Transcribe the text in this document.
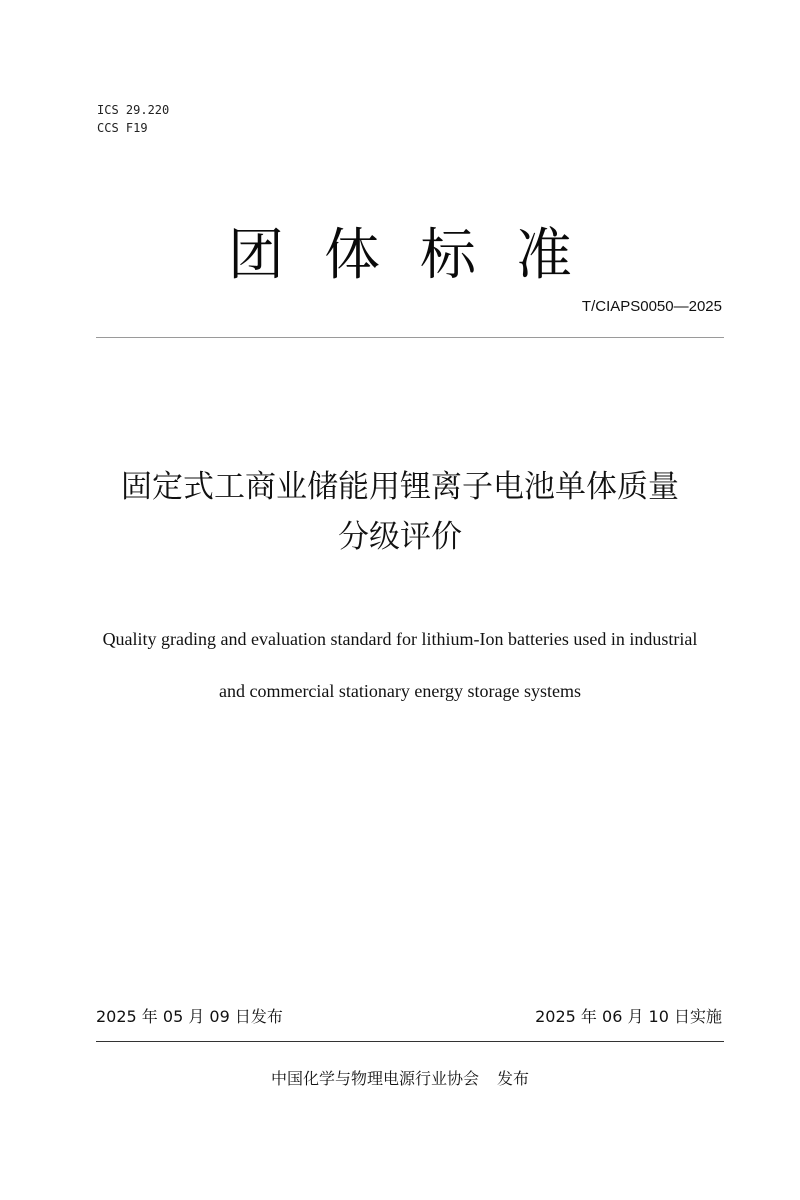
ICS 29.220
CCS F19
团体标准
T/CIAPS0050—2025
固定式工商业储能用锂离子电池单体质量
分级评价
Quality grading and evaluation standard for lithium-Ion batteries used in industrial
and commercial stationary energy storage systems
2025 年 05 月 09 日发布	2025 年 06 月 10 日实施
中国化学与物理电源行业协会 发布
